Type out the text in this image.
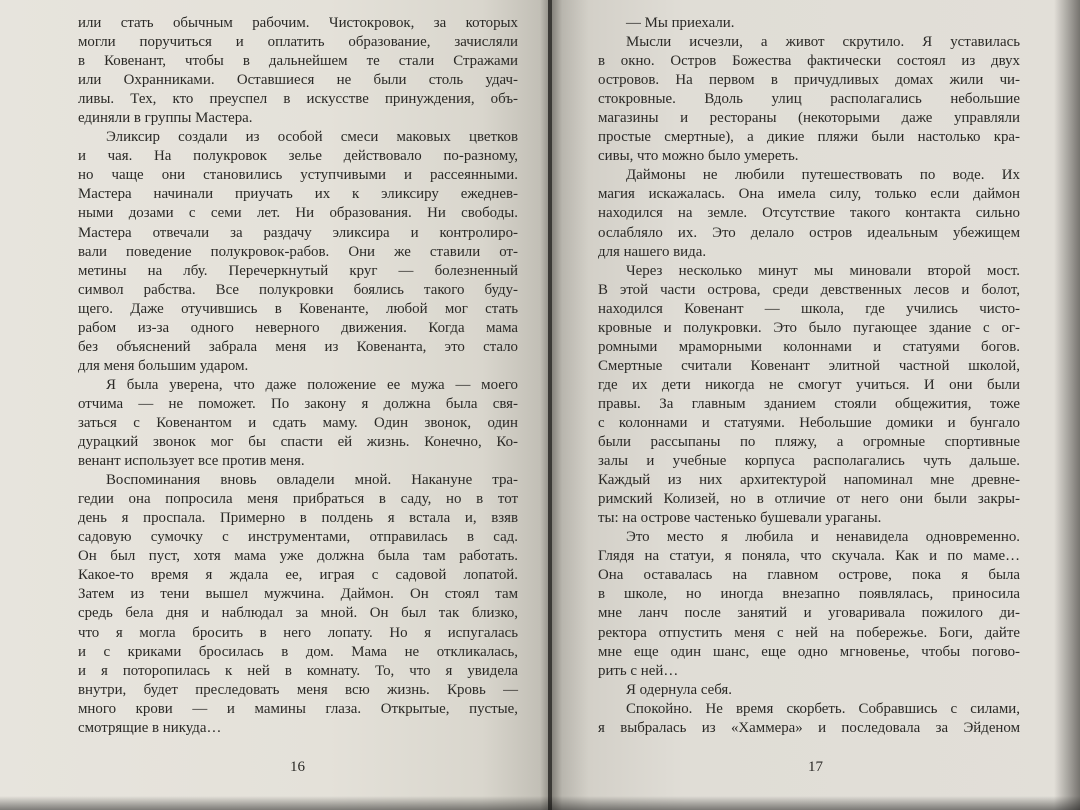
или стать обычным рабочим. Чистокровок, за которых
могли поручиться и оплатить образование, зачисляли
в Ковенант, чтобы в дальнейшем те стали Стражами
или Охранниками. Оставшиеся не были столь удач-
ливы. Тех, кто преуспел в искусстве принуждения, объ-
единяли в группы Мастера.

Эликсир создали из особой смеси маковых цветков
и чая. На полукровок зелье действовало по-разному,
но чаще они становились уступчивыми и рассеянными.
Мастера начинали приучать их к эликсиру ежеднев-
ными дозами с семи лет. Ни образования. Ни свободы.
Мастера отвечали за раздачу эликсира и контролиро-
вали поведение полукровок-рабов. Они же ставили от-
метины на лбу. Перечеркнутый круг — болезненный
символ рабства. Все полукровки боялись такого буду-
щего. Даже отучившись в Ковенанте, любой мог стать
рабом из-за одного неверного движения. Когда мама
без объяснений забрала меня из Ковенанта, это стало
для меня большим ударом.

Я была уверена, что даже положение ее мужа — моего
отчима — не поможет. По закону я должна была свя-
заться с Ковенантом и сдать маму. Один звонок, один
дурацкий звонок мог бы спасти ей жизнь. Конечно, Ко-
венант использует все против меня.

Воспоминания вновь овладели мной. Накануне тра-
гедии она попросила меня прибраться в саду, но в тот
день я проспала. Примерно в полдень я встала и, взяв
садовую сумочку с инструментами, отправилась в сад.
Он был пуст, хотя мама уже должна была там работать.
Какое-то время я ждала ее, играя с садовой лопатой.
Затем из тени вышел мужчина. Даймон. Он стоял там
средь бела дня и наблюдал за мной. Он был так близко,
что я могла бросить в него лопату. Но я испугалась
и с криками бросилась в дом. Мама не откликалась,
и я поторопилась к ней в комнату. То, что я увидела
внутри, будет преследовать меня всю жизнь. Кровь —
много крови — и мамины глаза. Открытые, пустые,
смотрящие в никуда…

16

— Мы приехали.

Мысли исчезли, а живот скрутило. Я уставилась
в окно. Остров Божества фактически состоял из двух
островов. На первом в причудливых домах жили чи-
стокровные. Вдоль улиц располагались небольшие
магазины и рестораны (некоторыми даже управляли
простые смертные), а дикие пляжи были настолько кра-
сивы, что можно было умереть.

Даймоны не любили путешествовать по воде. Их
магия искажалась. Она имела силу, только если даймон
находился на земле. Отсутствие такого контакта сильно
ослабляло их. Это делало остров идеальным убежищем
для нашего вида.

Через несколько минут мы миновали второй мост.
В этой части острова, среди девственных лесов и болот,
находился Ковенант — школа, где учились чисто-
кровные и полукровки. Это было пугающее здание с ог-
ромными мраморными колоннами и статуями богов.
Смертные считали Ковенант элитной частной школой,
где их дети никогда не смогут учиться. И они были
правы. За главным зданием стояли общежития, тоже
с колоннами и статуями. Небольшие домики и бунгало
были рассыпаны по пляжу, а огромные спортивные
залы и учебные корпуса располагались чуть дальше.
Каждый из них архитектурой напоминал мне древне-
римский Колизей, но в отличие от него они были закры-
ты: на острове частенько бушевали ураганы.

Это место я любила и ненавидела одновременно.
Глядя на статуи, я поняла, что скучала. Как и по маме…
Она оставалась на главном острове, пока я была
в школе, но иногда внезапно появлялась, приносила
мне ланч после занятий и уговаривала пожилого ди-
ректора отпустить меня с ней на побережье. Боги, дайте
мне еще один шанс, еще одно мгновенье, чтобы погово-
рить с ней…

Я одернула себя.

Спокойно. Не время скорбеть. Собравшись с силами,
я выбралась из «Хаммера» и последовала за Эйденом

17
